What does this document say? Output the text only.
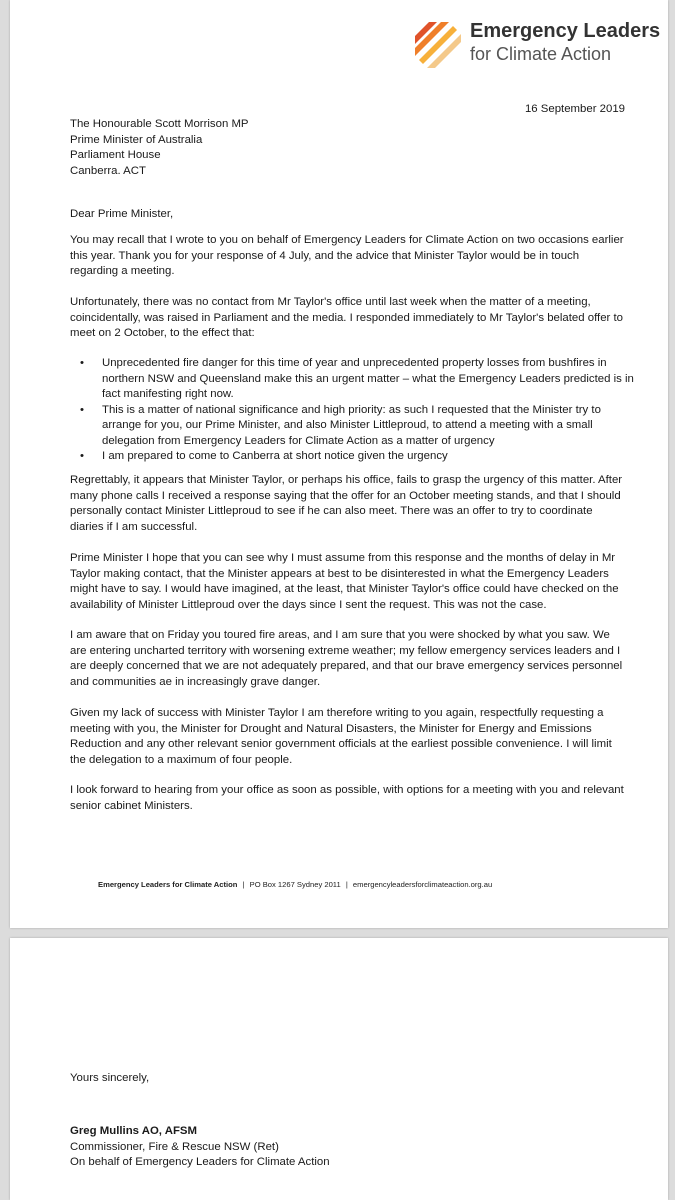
Emergency Leaders
for Climate Action
16 September 2019
The Honourable Scott Morrison MP
Prime Minister of Australia
Parliament House
Canberra. ACT
Dear Prime Minister,
You may recall that I wrote to you on behalf of Emergency Leaders for Climate Action on two occasions earlier this year. Thank you for your response of 4 July, and the advice that Minister Taylor would be in touch regarding a meeting.
Unfortunately, there was no contact from Mr Taylor's office until last week when the matter of a meeting, coincidentally, was raised in Parliament and the media. I responded immediately to Mr Taylor's belated offer to meet on 2 October, to the effect that:
• Unprecedented fire danger for this time of year and unprecedented property losses from bushfires in northern NSW and Queensland make this an urgent matter – what the Emergency Leaders predicted is in fact manifesting right now.
• This is a matter of national significance and high priority: as such I requested that the Minister try to arrange for you, our Prime Minister, and also Minister Littleproud, to attend a meeting with a small delegation from Emergency Leaders for Climate Action as a matter of urgency
• I am prepared to come to Canberra at short notice given the urgency
Regrettably, it appears that Minister Taylor, or perhaps his office, fails to grasp the urgency of this matter. After many phone calls I received a response saying that the offer for an October meeting stands, and that I should personally contact Minister Littleproud to see if he can also meet. There was an offer to try to coordinate diaries if I am successful.
Prime Minister I hope that you can see why I must assume from this response and the months of delay in Mr Taylor making contact, that the Minister appears at best to be disinterested in what the Emergency Leaders might have to say. I would have imagined, at the least, that Minister Taylor's office could have checked on the availability of Minister Littleproud over the days since I sent the request. This was not the case.
I am aware that on Friday you toured fire areas, and I am sure that you were shocked by what you saw. We are entering uncharted territory with worsening extreme weather; my fellow emergency services leaders and I are deeply concerned that we are not adequately prepared, and that our brave emergency services personnel and communities ae in increasingly grave danger.
Given my lack of success with Minister Taylor I am therefore writing to you again, respectfully requesting a meeting with you, the Minister for Drought and Natural Disasters, the Minister for Energy and Emissions Reduction and any other relevant senior government officials at the earliest possible convenience. I will limit the delegation to a maximum of four people.
I look forward to hearing from your office as soon as possible, with options for a meeting with you and relevant senior cabinet Ministers.
Emergency Leaders for Climate Action | PO Box 1267 Sydney 2011 | emergencyleadersforclimateaction.org.au
Yours sincerely,
Greg Mullins AO, AFSM
Commissioner, Fire & Rescue NSW (Ret)
On behalf of Emergency Leaders for Climate Action
